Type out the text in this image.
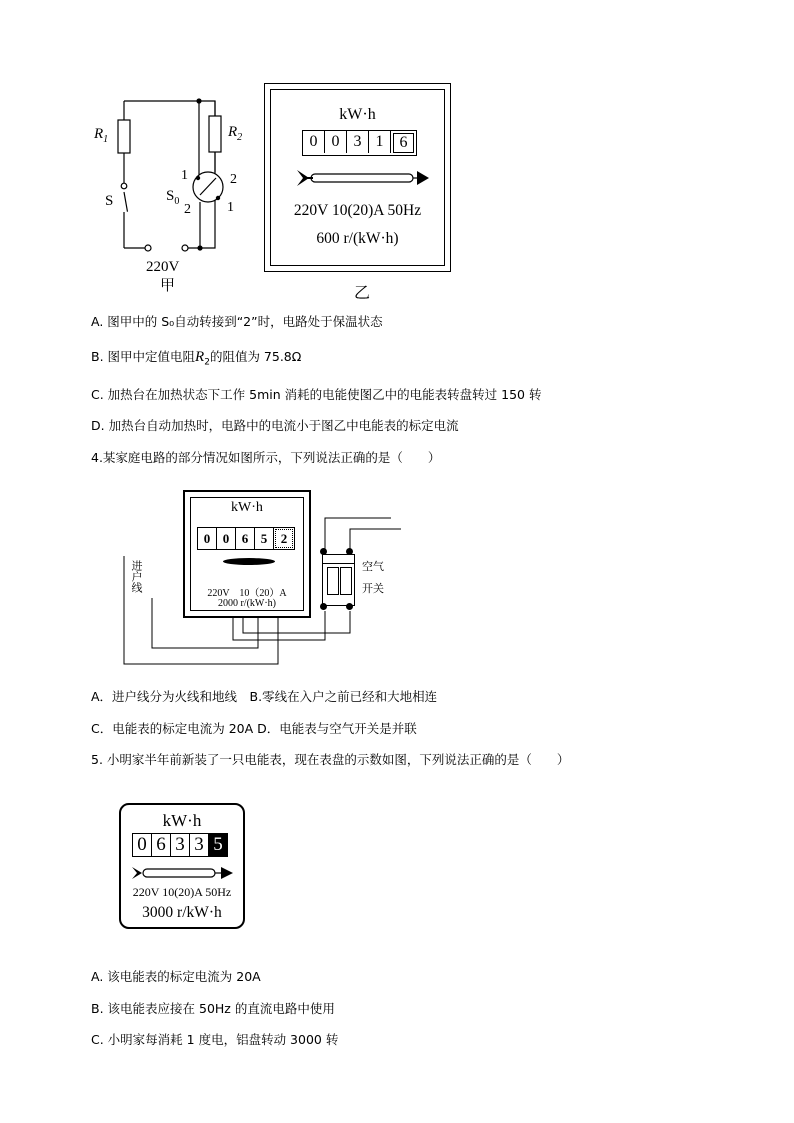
$R_1$	$R_2$
S	$S_0$
1	2
2	1
220V
甲
kW·h
0 0 3 1	6
220V 10(20)A 50Hz
600 r/(kW·h)
乙
A. 图甲中的 S₀自动转接到“2”时，电路处于保温状态
B. 图甲中定值电阻$R_2$的阻值为 75.8Ω
C. 加热台在加热状态下工作 5min 消耗的电能使图乙中的电能表转盘转过 150 转
D. 加热台自动加热时，电路中的电流小于图乙中电能表的标定电流
4.某家庭电路的部分情况如图所示，下列说法正确的是（　　）
kW·h
0 0 6 5	2
220V　10（20）A
2000 r/(kW·h)
空气
开关
进户线
A．进户线分为火线和地线　B.零线在入户之前已经和大地相连
C．电能表的标定电流为 20A D．电能表与空气开关是并联
5. 小明家半年前新装了一只电能表，现在表盘的示数如图，下列说法正确的是（　　）
kW·h
0 6 3 3 5
220V 10(20)A 50Hz
3000 r/kW·h
A. 该电能表的标定电流为 20A
B. 该电能表应接在 50Hz 的直流电路中使用
C. 小明家每消耗 1 度电，铝盘转动 3000 转
